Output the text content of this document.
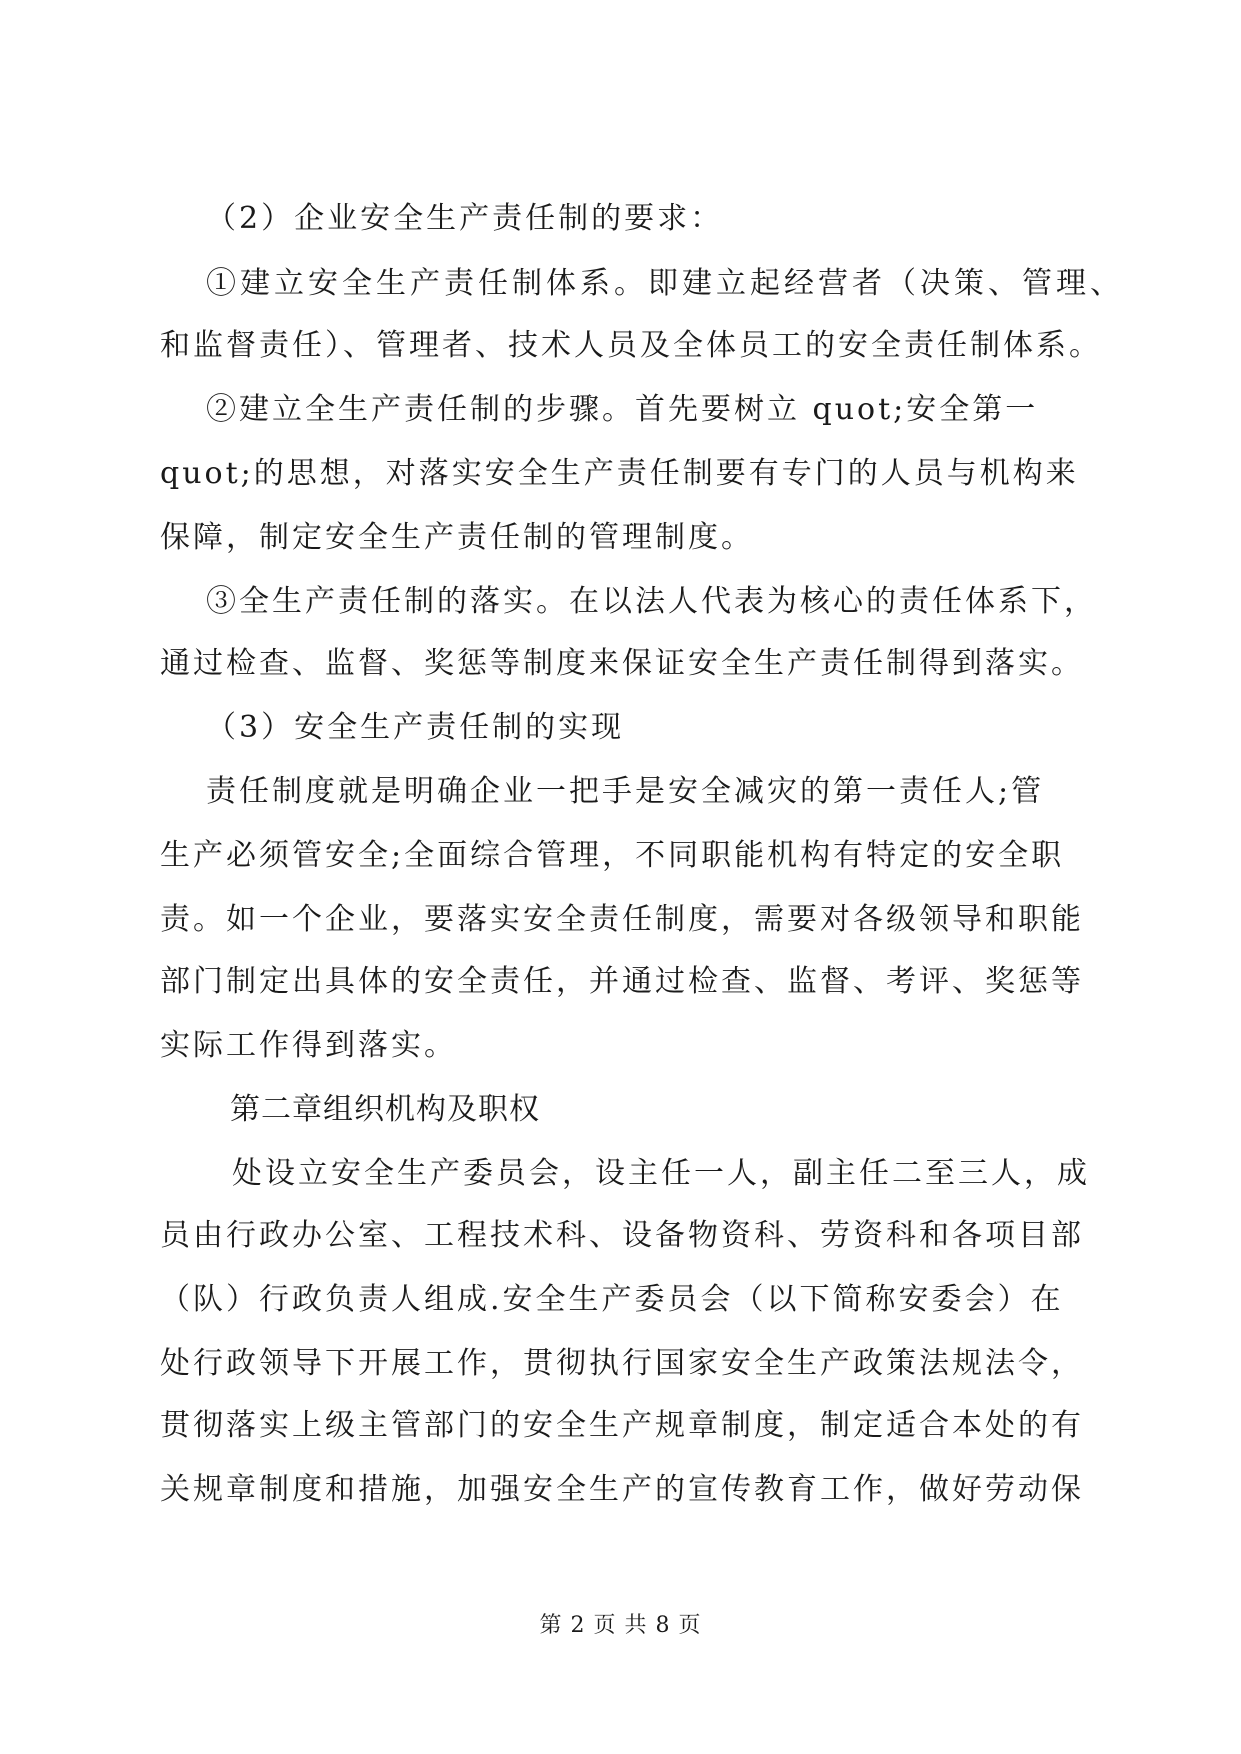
（2）企业安全生产责任制的要求：
①建立安全生产责任制体系。即建立起经营者（决策、管理、
和监督责任）、管理者、技术人员及全体员工的安全责任制体系。
②建立全生产责任制的步骤。首先要树立 quot;安全第一
quot;的思想，对落实安全生产责任制要有专门的人员与机构来
保障，制定安全生产责任制的管理制度。
③全生产责任制的落实。在以法人代表为核心的责任体系下，
通过检查、监督、奖惩等制度来保证安全生产责任制得到落实。
（3）安全生产责任制的实现
责任制度就是明确企业一把手是安全减灾的第一责任人;管
生产必须管安全;全面综合管理，不同职能机构有特定的安全职
责。如一个企业，要落实安全责任制度，需要对各级领导和职能
部门制定出具体的安全责任，并通过检查、监督、考评、奖惩等
实际工作得到落实。
第二章组织机构及职权
处设立安全生产委员会，设主任一人，副主任二至三人，成
员由行政办公室、工程技术科、设备物资科、劳资科和各项目部
（队）行政负责人组成.安全生产委员会（以下简称安委会）在
处行政领导下开展工作，贯彻执行国家安全生产政策法规法令，
贯彻落实上级主管部门的安全生产规章制度，制定适合本处的有
关规章制度和措施，加强安全生产的宣传教育工作，做好劳动保
第 2 页 共 8 页
